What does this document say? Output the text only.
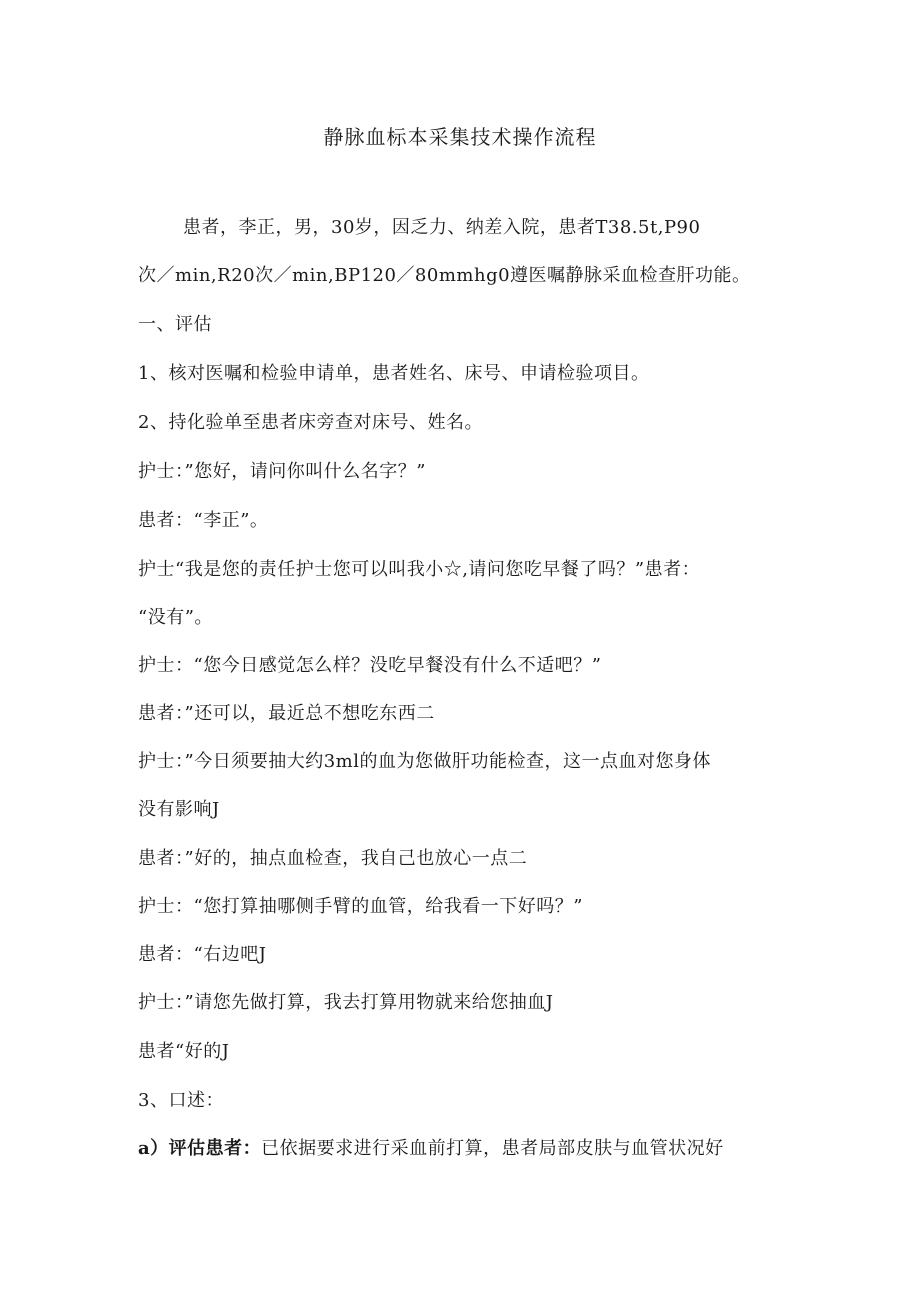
静脉血标本采集技术操作流程
患者，李正，男，30岁，因乏力、纳差入院，患者T38.5t,P90
次／min,R20次／min,BP120／80mmhg0遵医嘱静脉采血检查肝功能。
一、评估
1、核对医嘱和检验申请单，患者姓名、床号、申请检验项目。
2、持化验单至患者床旁查对床号、姓名。
护士：”您好，请问你叫什么名字？”
患者：“李正”。
护士“我是您的责任护士您可以叫我小☆,请问您吃早餐了吗？”患者：
“没有”。
护士：“您今日感觉怎么样？没吃早餐没有什么不适吧？”
患者：”还可以，最近总不想吃东西二
护士：”今日须要抽大约3ml的血为您做肝功能检查，这一点血对您身体
没有影响J
患者：”好的，抽点血检查，我自己也放心一点二
护士：“您打算抽哪侧手臂的血管，给我看一下好吗？”
患者：“右边吧J
护士：”请您先做打算，我去打算用物就来给您抽血J
患者“好的J
3、口述：
a）评估患者：已依据要求进行采血前打算，患者局部皮肤与血管状况好
